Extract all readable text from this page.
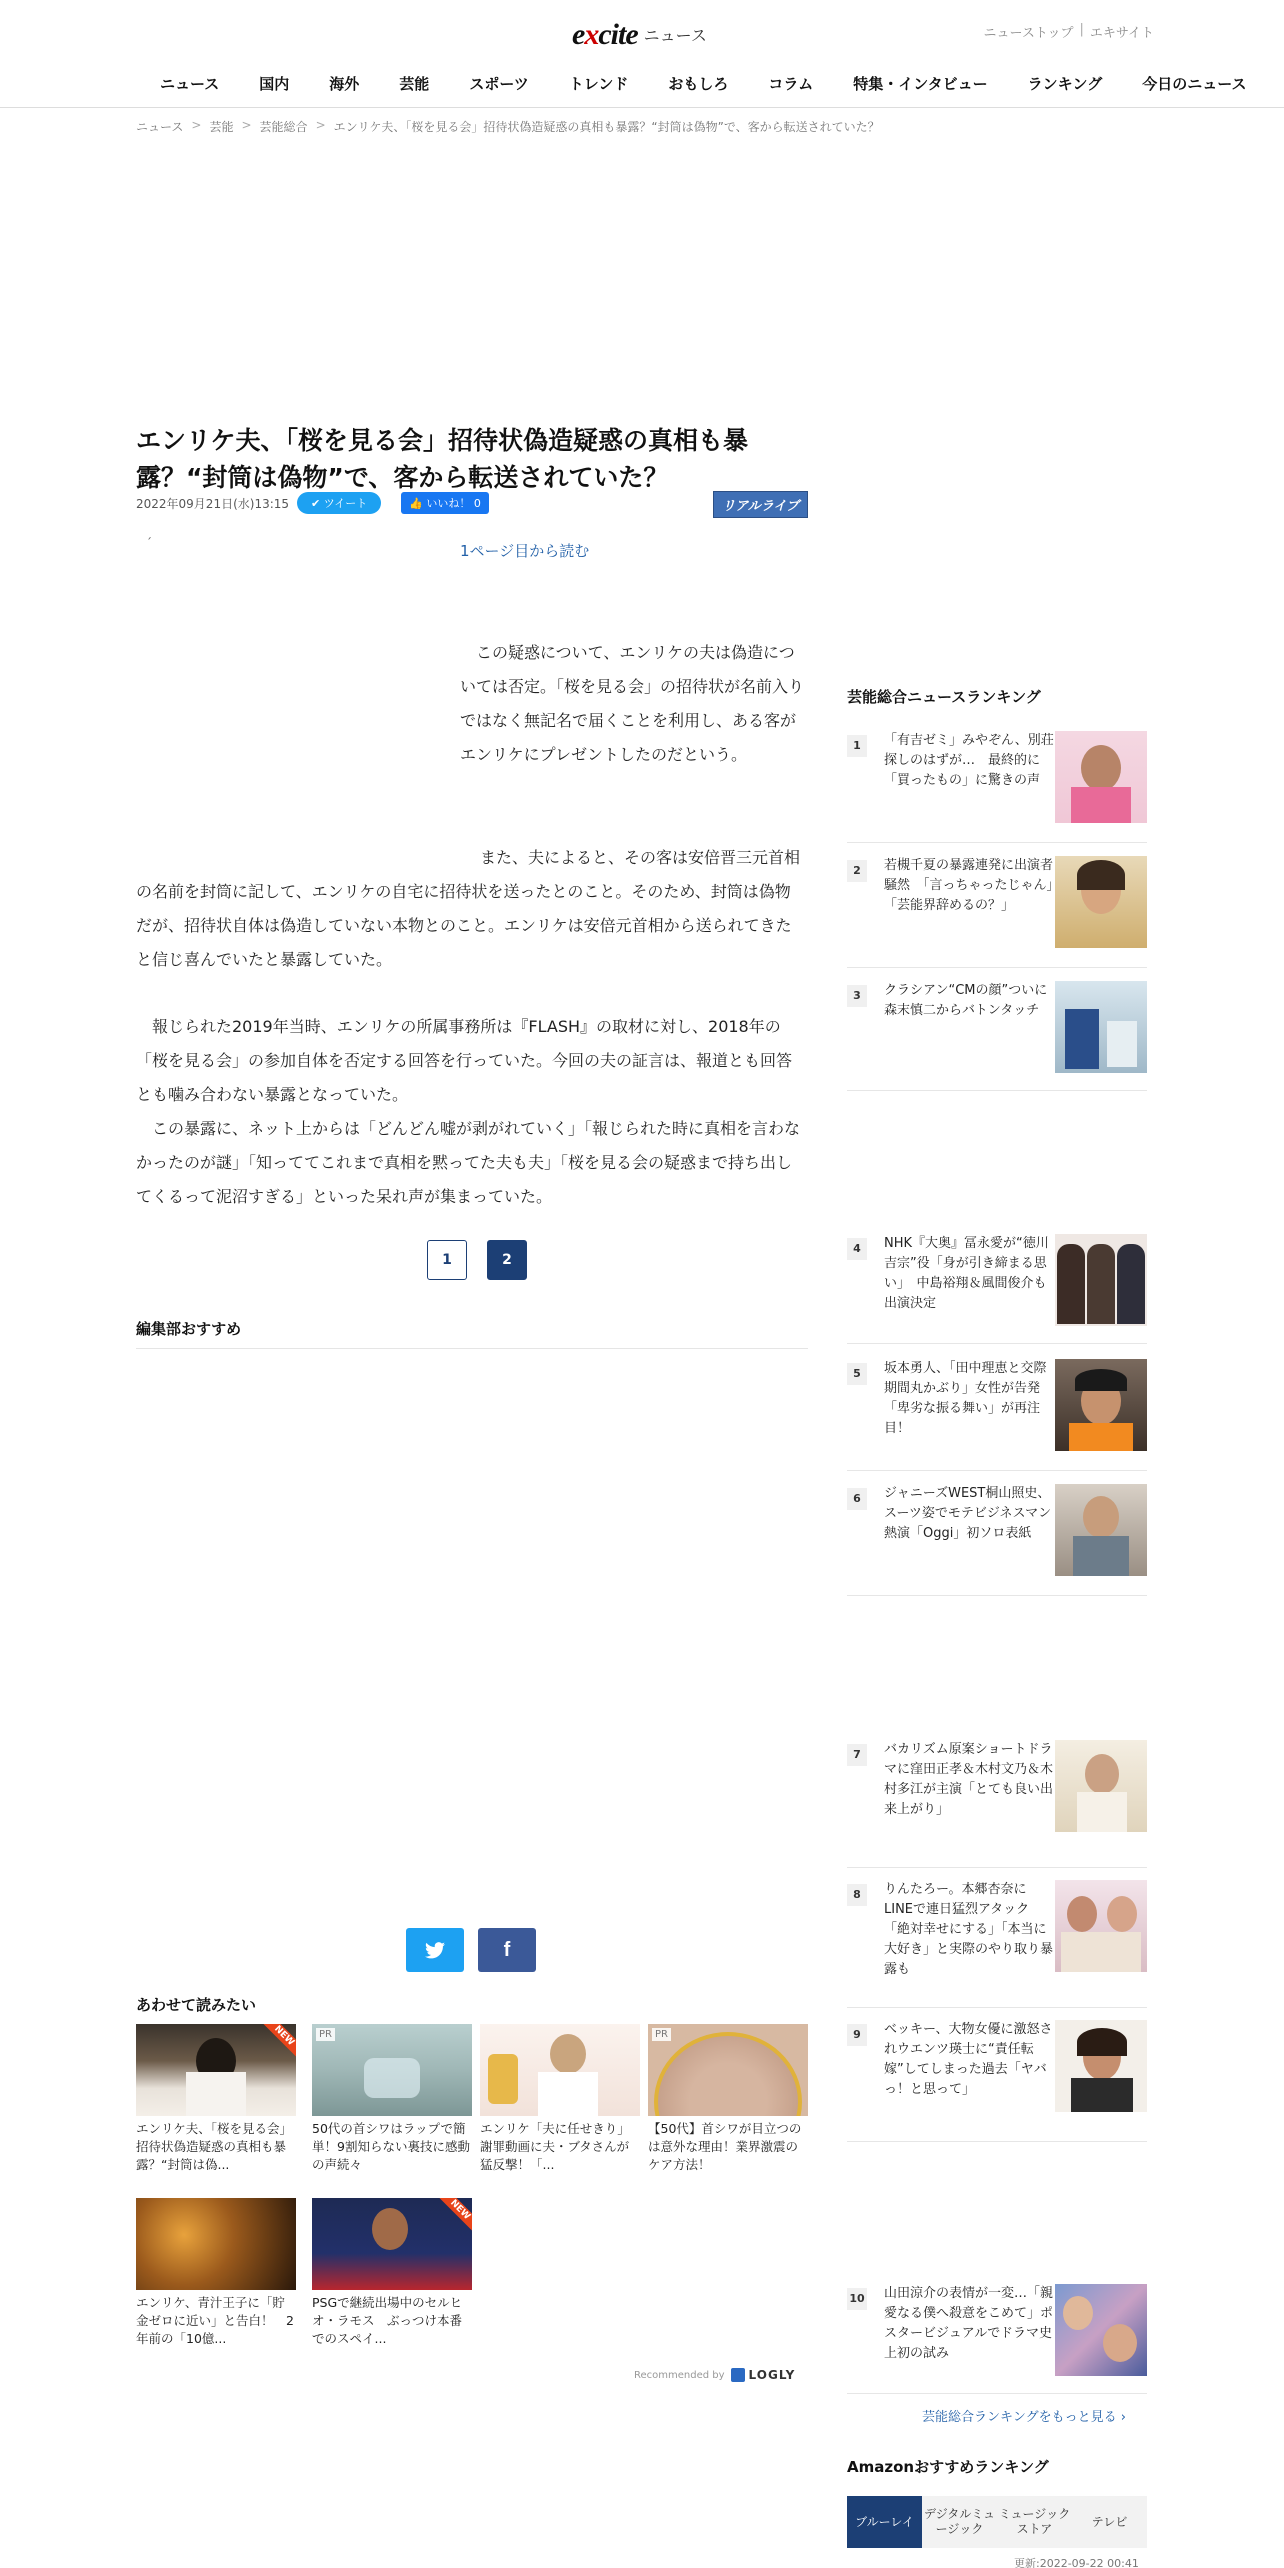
excite ニュース	ニューストップ | エキサイト
ニュース	国内	海外	芸能	スポーツ	トレンド	おもしろ	コラム	特集・インタビュー	ランキング	今日のニュース
ニュース > 芸能 > 芸能総合 > エンリケ夫、「桜を見る会」招待状偽造疑惑の真相も暴露？“封筒は偽物”で、客から転送されていた？
エンリケ夫、「桜を見る会」招待状偽造疑惑の真相も暴露？“封筒は偽物”で、客から転送されていた？
2022年09月21日(水)13:15	✔︎ ツイート	👍 いいね！ 0	リアルライブ
´	1ページ目から読む

この疑惑について、エンリケの夫は偽造については否定。「桜を見る会」の招待状が名前入りではなく無記名で届くことを利用し、ある客がエンリケにプレゼントしたのだという。

また、夫によると、その客は安倍晋三元首相の名前を封筒に記して、エンリケの自宅に招待状を送ったとのこと。そのため、封筒は偽物だが、招待状自体は偽造していない本物とのこと。エンリケは安倍元首相から送られてきたと信じ喜んでいたと暴露していた。

報じられた2019年当時、エンリケの所属事務所は『FLASH』の取材に対し、2018年の「桜を見る会」の参加自体を否定する回答を行っていた。今回の夫の証言は、報道とも回答とも噛み合わない暴露となっていた。

この暴露に、ネット上からは「どんどん嘘が剥がれていく」「報じられた時に真相を言わなかったのが謎」「知っててこれまで真相を黙ってた夫も夫」「桜を見る会の疑惑まで持ち出してくるって泥沼すぎる」といった呆れ声が集まっていた。

1	2
編集部おすすめ
f
あわせて読みたい
NEW
エンリケ夫、「桜を見る会」招待状偽造疑惑の真相も暴露？“封筒は偽...
PR
50代の首シワはラップで簡単！9割知らない裏技に感動の声続々
エンリケ「夫に任せきり」謝罪動画に夫・ブタさんが猛反撃！「...
PR
【50代】首シワが目立つのは意外な理由！業界激震のケア方法！
エンリケ、青汁王子に「貯金ゼロに近い」と告白！　2年前の「10億...
NEW
PSGで継続出場中のセルヒオ・ラモス　ぶっつけ本番でのスペイ...
Recommended by LOGLY
芸能総合ニュースランキング
1	「有吉ゼミ」みやぞん、別荘探しのはずが…　最終的に「買ったもの」に驚きの声
2	若槻千夏の暴露連発に出演者騒然　「言っちゃったじゃん」「芸能界辞めるの？」
3	クラシアン“CMの顔”ついに森末慎二からバトンタッチ
4	NHK『大奥』冨永愛が“徳川吉宗”役「身が引き締まる思い」　中島裕翔＆風間俊介も出演決定
5	坂本勇人、「田中理恵と交際期間丸かぶり」女性が告発「卑劣な振る舞い」が再注目！
6	ジャニーズWEST桐山照史、スーツ姿でモテビジネスマン熱演「Oggi」初ソロ表紙
7	バカリズム原案ショートドラマに窪田正孝＆木村文乃＆木村多江が主演「とても良い出来上がり」
8	りんたろー。本郷杏奈にLINEで連日猛烈アタック「絶対幸せにする」「本当に大好き」と実際のやり取り暴露も
9	ベッキー、大物女優に激怒されウエンツ瑛士に“責任転嫁”してしまった過去「ヤバっ！と思って」
10 山田涼介の表情が一変…「親愛なる僕へ殺意をこめて」ポスタービジュアルでドラマ史上初の試み
芸能総合ランキングをもっと見る ›
Amazonおすすめランキング
ブルーレイ
デジタルミュージック
ミュージックストア
テレビ
更新:2022-09-22 00:41
